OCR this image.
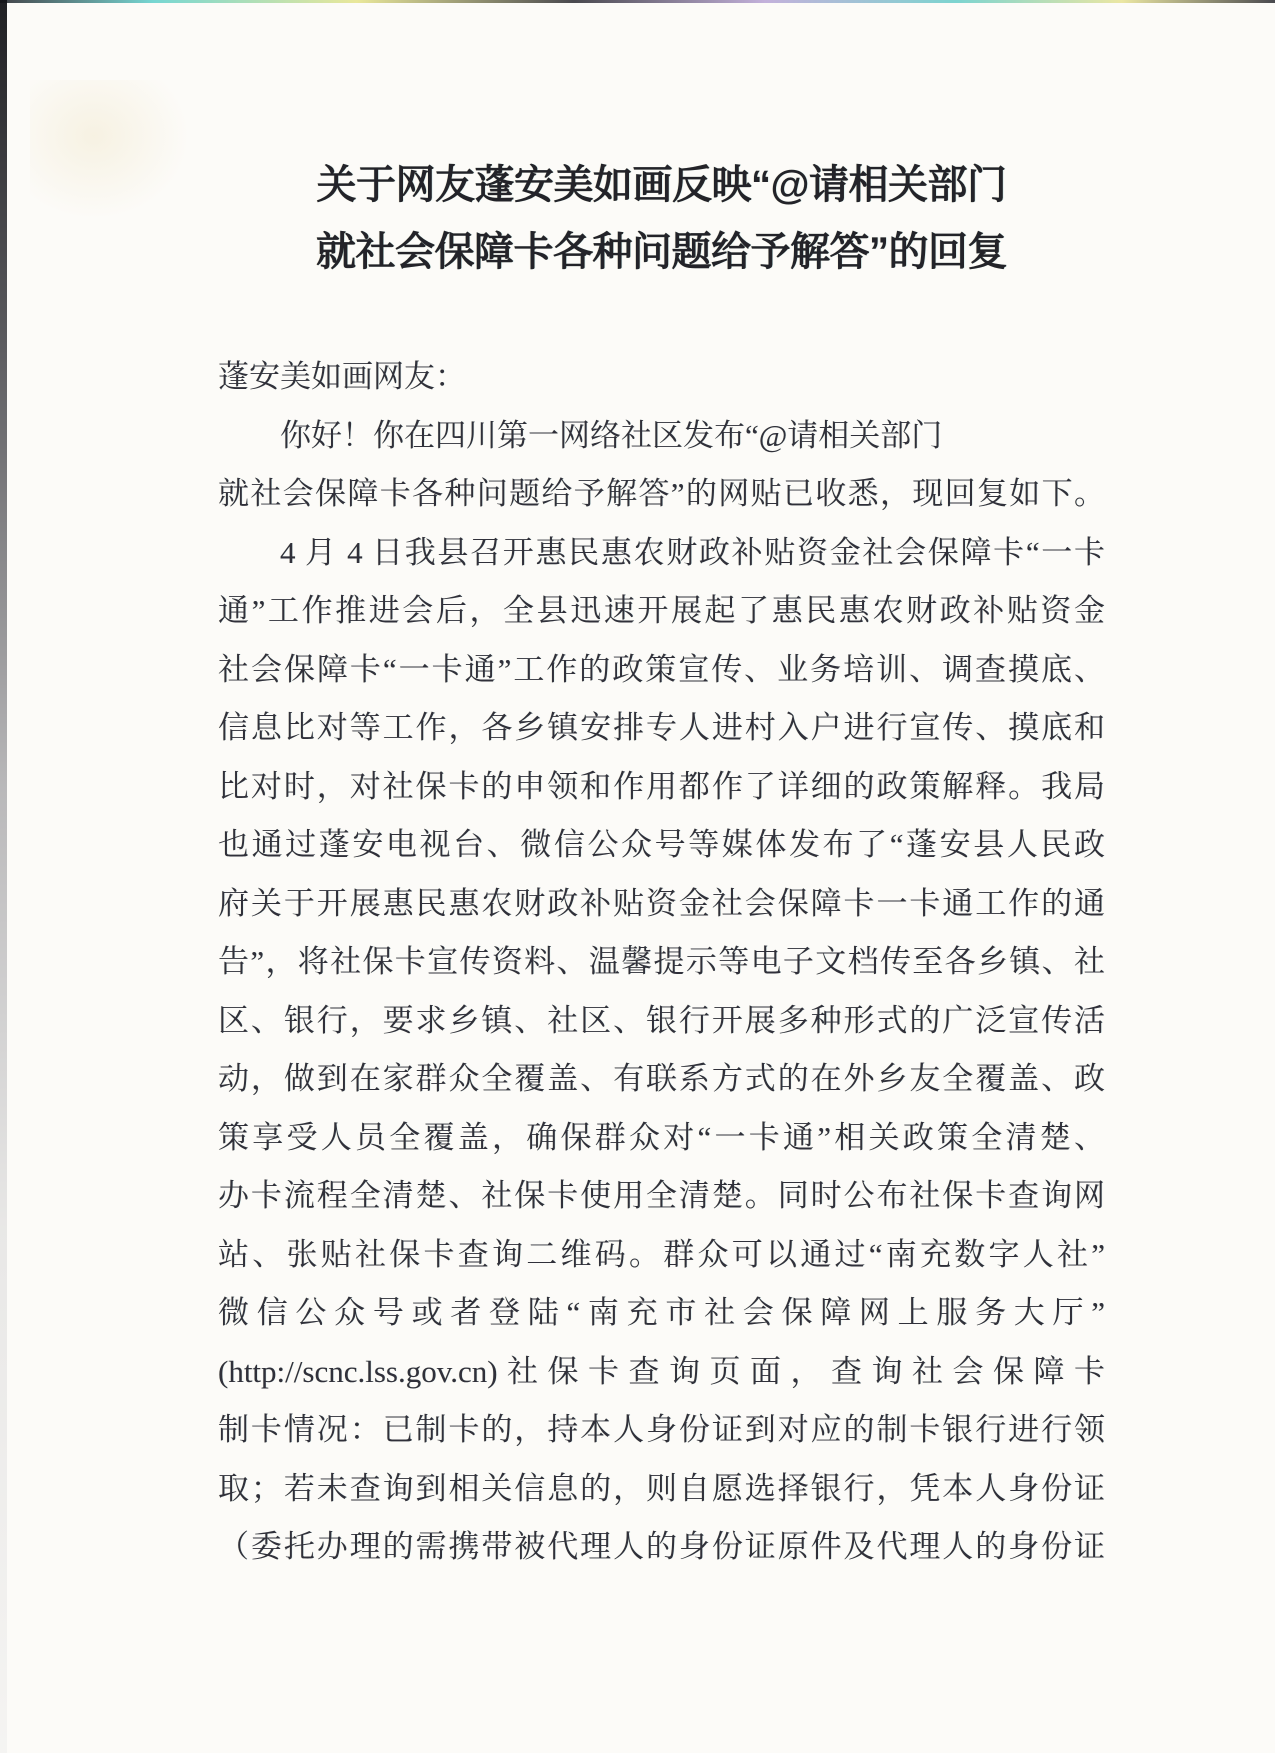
关于网友蓬安美如画反映“@请相关部门
就社会保障卡各种问题给予解答”的回复
蓬安美如画网友：
你好！你在四川第一网络社区发布“@请相关部门
就社会保障卡各种问题给予解答”的网贴已收悉，现回复如下。
4 月 4 日我县召开惠民惠农财政补贴资金社会保障卡“一卡
通”工作推进会后，全县迅速开展起了惠民惠农财政补贴资金
社会保障卡“一卡通”工作的政策宣传、业务培训、调查摸底、
信息比对等工作，各乡镇安排专人进村入户进行宣传、摸底和
比对时，对社保卡的申领和作用都作了详细的政策解释。我局
也通过蓬安电视台、微信公众号等媒体发布了“蓬安县人民政
府关于开展惠民惠农财政补贴资金社会保障卡一卡通工作的通
告”，将社保卡宣传资料、温馨提示等电子文档传至各乡镇、社
区、银行，要求乡镇、社区、银行开展多种形式的广泛宣传活
动，做到在家群众全覆盖、有联系方式的在外乡友全覆盖、政
策享受人员全覆盖，确保群众对“一卡通”相关政策全清楚、
办卡流程全清楚、社保卡使用全清楚。同时公布社保卡查询网
站、张贴社保卡查询二维码。群众可以通过“南充数字人社”
微信公众号或者登陆“南充市社会保障网上服务大厅”
(http://scnc.lss.gov.cn)社保卡查询页面，查询社会保障卡
制卡情况：已制卡的，持本人身份证到对应的制卡银行进行领
取；若未查询到相关信息的，则自愿选择银行，凭本人身份证
（委托办理的需携带被代理人的身份证原件及代理人的身份证
